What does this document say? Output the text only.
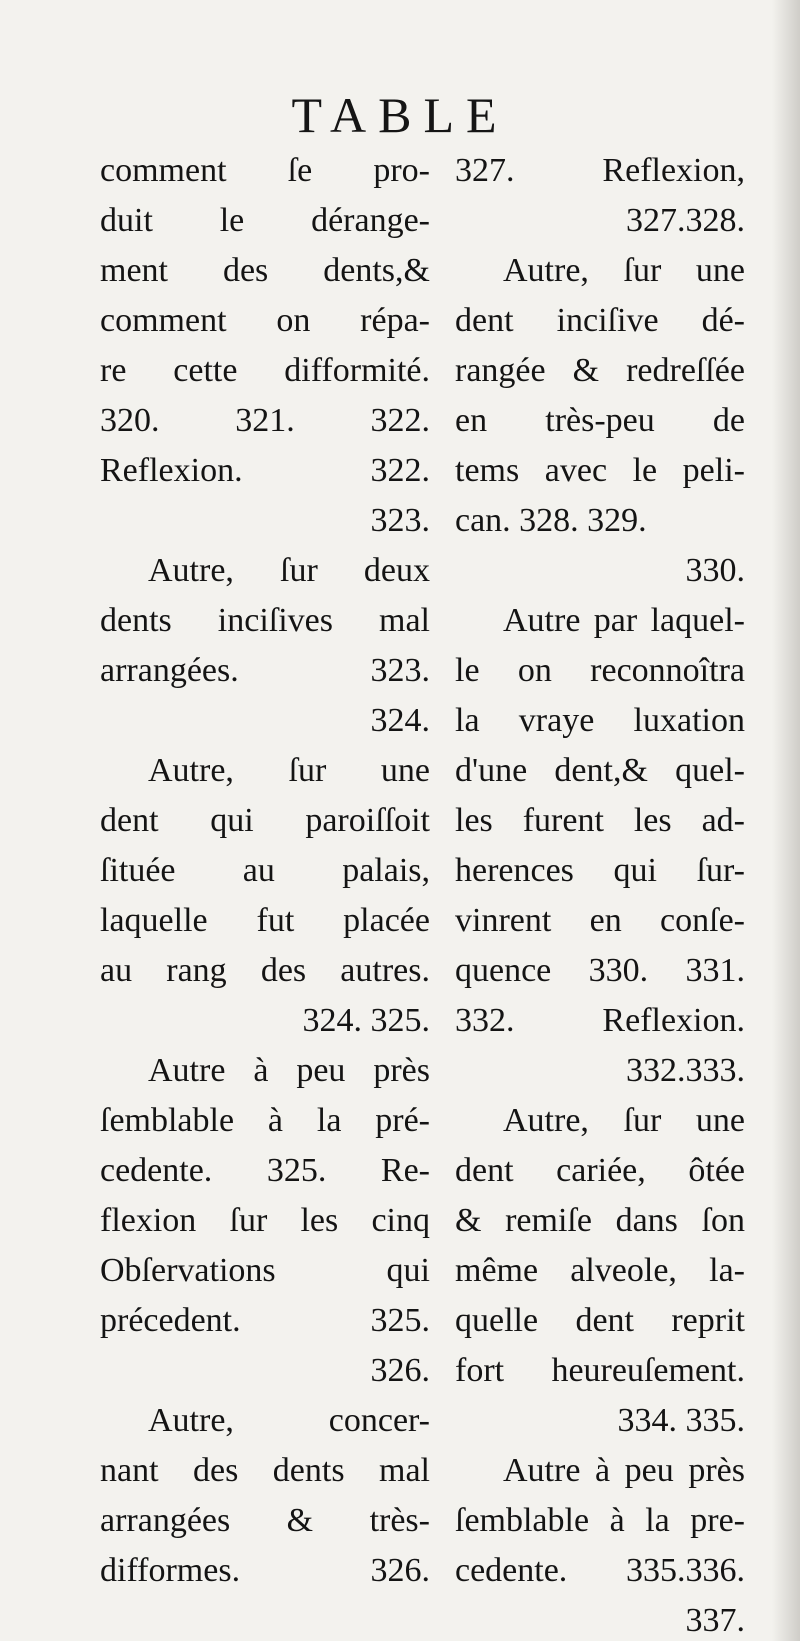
TABLE
comment ſe pro-
duit le dérange-
ment des dents,&
comment on répa-
re cette difformité.
320. 321. 322.
Reflexion. 322.
323.
Autre, ſur deux
dents inciſives mal
arrangées. 323.
324.
Autre, ſur une
dent qui paroiſſoit
ſituée au palais,
laquelle fut placée
au rang des autres.
324. 325.
Autre à peu près
ſemblable à la pré-
cedente. 325. Re-
flexion ſur les cinq
Obſervations qui
précedent. 325.
326.
Autre, concer-
nant des dents mal
arrangées & très-
difformes. 326.
327. Reflexion,
327.328.
Autre, ſur une
dent inciſive dé-
rangée & redreſſée
en très-peu de
tems avec le peli-
can. 328. 329.
330.
Autre par laquel-
le on reconnoîtra
la vraye luxation
d'une dent,& quel-
les furent les ad-
herences qui ſur-
vinrent en conſe-
quence 330. 331.
332. Reflexion.
332.333.
Autre, ſur une
dent cariée, ôtée
& remiſe dans ſon
même alveole, la-
quelle dent reprit
fort heureuſement.
334. 335.
Autre à peu près
ſemblable à la pre-
cedente. 335.336.
337.
